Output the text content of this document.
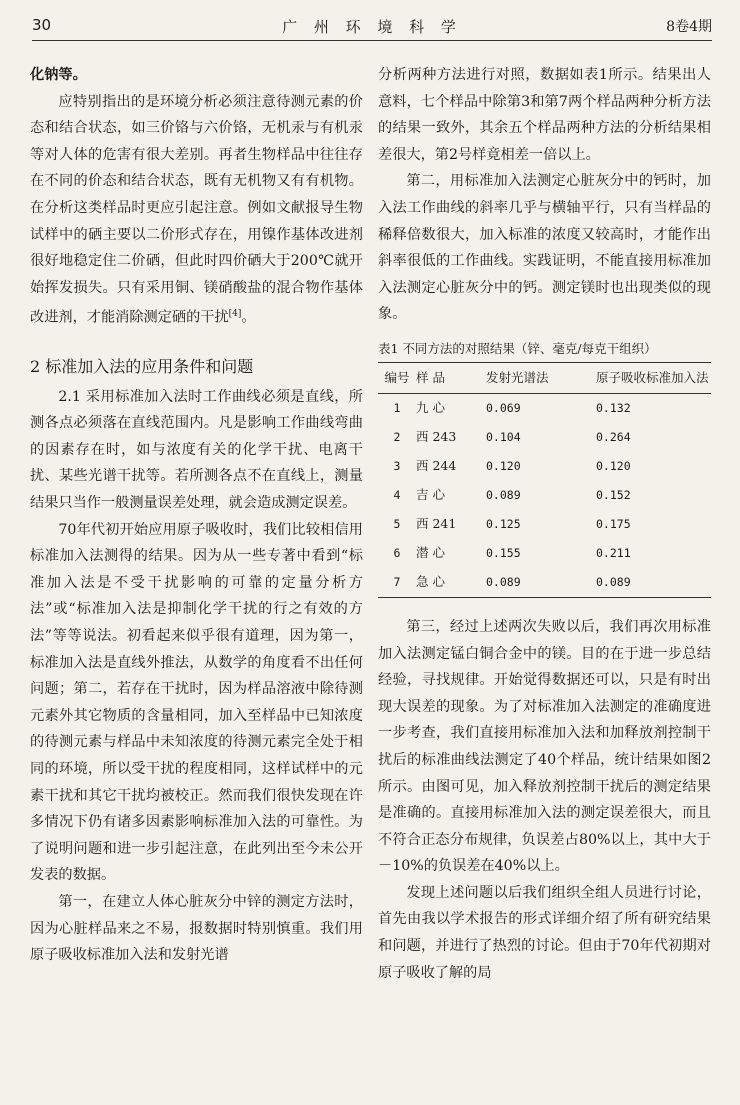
30	广 州 环 境 科 学	8卷4期

化钠等。

应特别指出的是环境分析必须注意待测元素的价态和结合状态，如三价铬与六价铬，无机汞与有机汞等对人体的危害有很大差别。再者生物样品中往往存在不同的价态和结合状态，既有无机物又有有机物。在分析这类样品时更应引起注意。例如文献报导生物试样中的硒主要以二价形式存在，用镍作基体改进剂很好地稳定住二价硒，但此时四价硒大于200℃就开始挥发损失。只有采用铜、镁硝酸盐的混合物作基体改进剂，才能消除测定硒的干扰[4]。

2 标准加入法的应用条件和问题

2.1 采用标准加入法时工作曲线必须是直线，所测各点必须落在直线范围内。凡是影响工作曲线弯曲的因素存在时，如与浓度有关的化学干扰、电离干扰、某些光谱干扰等。若所测各点不在直线上，测量结果只当作一般测量误差处理，就会造成测定误差。

70年代初开始应用原子吸收时，我们比较相信用标准加入法测得的结果。因为从一些专著中看到“标准加入法是不受干扰影响的可靠的定量分析方法”或“标准加入法是抑制化学干扰的行之有效的方法”等等说法。初看起来似乎很有道理，因为第一，标准加入法是直线外推法，从数学的角度看不出任何问题；第二，若存在干扰时，因为样品溶液中除待测元素外其它物质的含量相同，加入至样品中已知浓度的待测元素与样品中未知浓度的待测元素完全处于相同的环境，所以受干扰的程度相同，这样试样中的元素干扰和其它干扰均被校正。然而我们很快发现在许多情况下仍有诸多因素影响标准加入法的可靠性。为了说明问题和进一步引起注意，在此列出至今未公开发表的数据。

第一，在建立人体心脏灰分中锌的测定方法时，因为心脏样品来之不易，报数据时特别慎重。我们用原子吸收标准加入法和发射光谱

分析两种方法进行对照，数据如表1所示。结果出人意料，七个样品中除第3和第7两个样品两种分析方法的结果一致外，其余五个样品两种方法的分析结果相差很大，第2号样竟相差一倍以上。

第二，用标准加入法测定心脏灰分中的钙时，加入法工作曲线的斜率几乎与横轴平行，只有当样品的稀释倍数很大，加入标准的浓度又较高时，才能作出斜率很低的工作曲线。实践证明，不能直接用标准加入法测定心脏灰分中的钙。测定镁时也出现类似的现象。

表1 不同方法的对照结果（锌、毫克/每克干组织）
编号	样 品	发射光谱法	原子吸收标准加入法
1	九 心	0.069	0.132
2	西 243	0.104	0.264
3	西 244	0.120	0.120
4	吉 心	0.089	0.152
5	西 241	0.125	0.175
6	潜 心	0.155	0.211
7	急 心	0.089	0.089

第三，经过上述两次失败以后，我们再次用标准加入法测定锰白铜合金中的镁。目的在于进一步总结经验，寻找规律。开始觉得数据还可以，只是有时出现大误差的现象。为了对标准加入法测定的准确度进一步考查，我们直接用标准加入法和加释放剂控制干扰后的标准曲线法测定了40个样品，统计结果如图2所示。由图可见，加入释放剂控制干扰后的测定结果是准确的。直接用标准加入法的测定误差很大，而且不符合正态分布规律，负误差占80%以上，其中大于－10%的负误差在40%以上。

发现上述问题以后我们组织全组人员进行讨论，首先由我以学术报告的形式详细介绍了所有研究结果和问题，并进行了热烈的讨论。但由于70年代初期对原子吸收了解的局
